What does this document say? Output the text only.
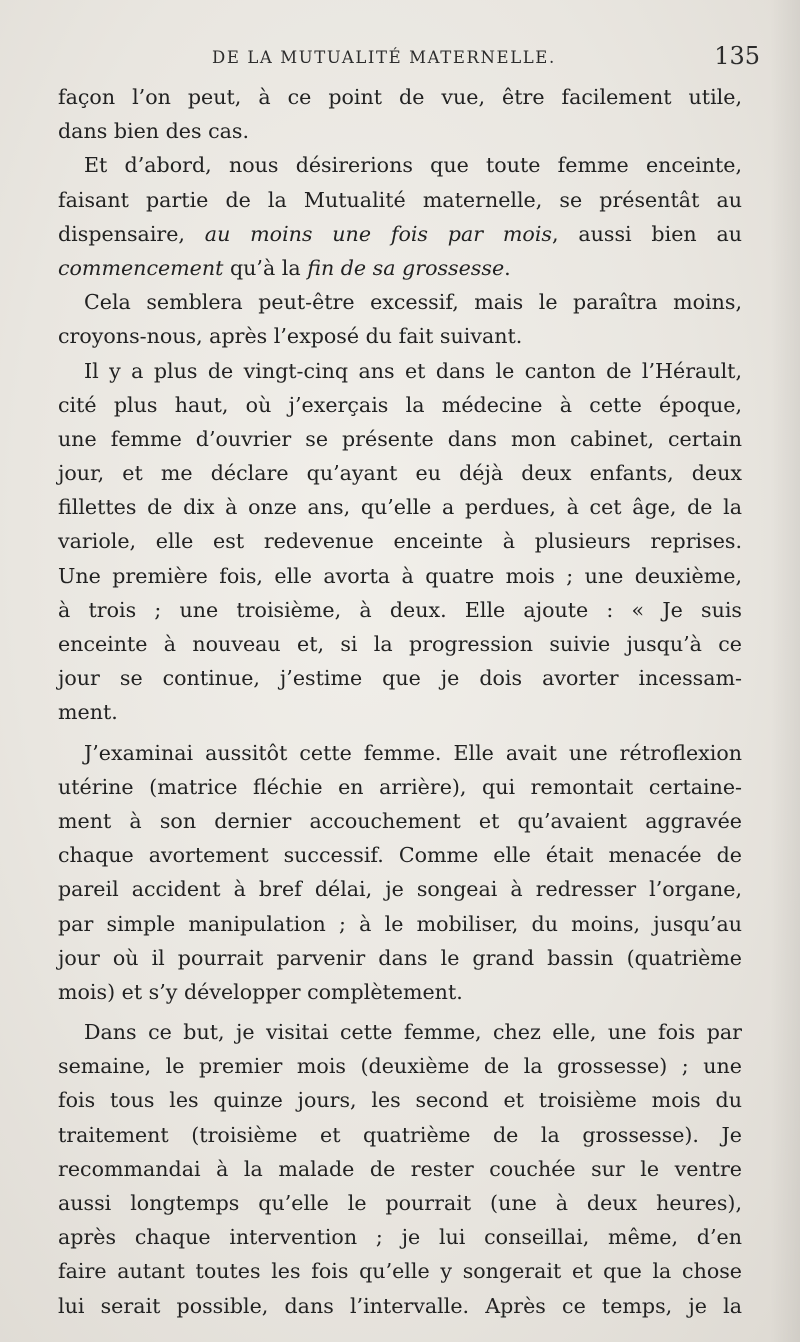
DE LA MUTUALITÉ MATERNELLE.	135
façon l’on peut, à ce point de vue, être facilement utile,
dans bien des cas.
Et d’abord, nous désirerions que toute femme enceinte,
faisant partie de la Mutualité maternelle, se présentât au
dispensaire, au moins une fois par mois, aussi bien au
commencement qu’à la fin de sa grossesse.
Cela semblera peut-être excessif, mais le paraîtra moins,
croyons-nous, après l’exposé du fait suivant.
Il y a plus de vingt-cinq ans et dans le canton de l’Hérault,
cité plus haut, où j’exerçais la médecine à cette époque,
une femme d’ouvrier se présente dans mon cabinet, certain
jour, et me déclare qu’ayant eu déjà deux enfants, deux
fillettes de dix à onze ans, qu’elle a perdues, à cet âge, de la
variole, elle est redevenue enceinte à plusieurs reprises.
Une première fois, elle avorta à quatre mois ; une deuxième,
à trois ; une troisième, à deux. Elle ajoute : « Je suis
enceinte à nouveau et, si la progression suivie jusqu’à ce
jour se continue, j’estime que je dois avorter incessam-
ment.
J’examinai aussitôt cette femme. Elle avait une rétroflexion
utérine (matrice fléchie en arrière), qui remontait certaine-
ment à son dernier accouchement et qu’avaient aggravée
chaque avortement successif. Comme elle était menacée de
pareil accident à bref délai, je songeai à redresser l’organe,
par simple manipulation ; à le mobiliser, du moins, jusqu’au
jour où il pourrait parvenir dans le grand bassin (quatrième
mois) et s’y développer complètement.
Dans ce but, je visitai cette femme, chez elle, une fois par
semaine, le premier mois (deuxième de la grossesse) ; une
fois tous les quinze jours, les second et troisième mois du
traitement (troisième et quatrième de la grossesse). Je
recommandai à la malade de rester couchée sur le ventre
aussi longtemps qu’elle le pourrait (une à deux heures),
après chaque intervention ; je lui conseillai, même, d’en
faire autant toutes les fois qu’elle y songerait et que la chose
lui serait possible, dans l’intervalle. Après ce temps, je la
